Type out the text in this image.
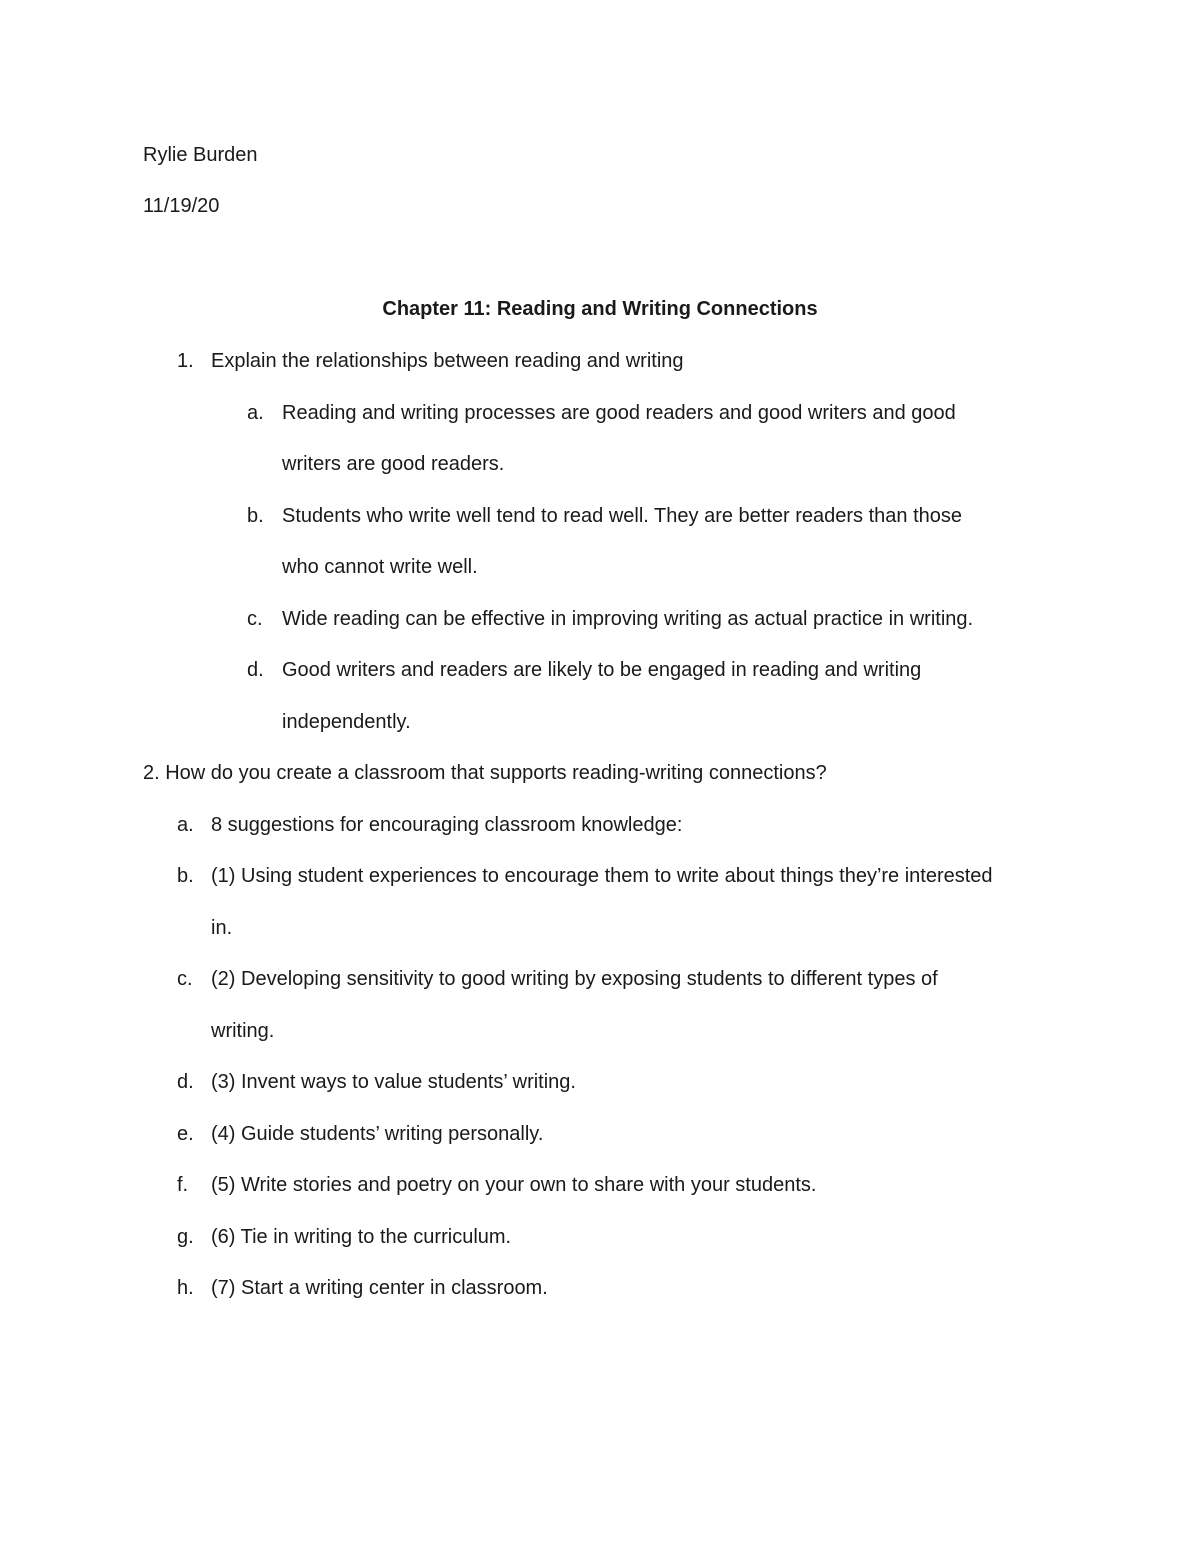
Rylie Burden
11/19/20
Chapter 11: Reading and Writing Connections
1. Explain the relationships between reading and writing
a. Reading and writing processes are good readers and good writers and good
writers are good readers.
b. Students who write well tend to read well. They are better readers than those
who cannot write well.
c. Wide reading can be effective in improving writing as actual practice in writing.
d. Good writers and readers are likely to be engaged in reading and writing
independently.
2. How do you create a classroom that supports reading-writing connections?
a. 8 suggestions for encouraging classroom knowledge:
b. (1) Using student experiences to encourage them to write about things they’re interested
in.
c. (2) Developing sensitivity to good writing by exposing students to different types of
writing.
d. (3) Invent ways to value students’ writing.
e. (4) Guide students’ writing personally.
f. (5) Write stories and poetry on your own to share with your students.
g. (6) Tie in writing to the curriculum.
h. (7) Start a writing center in classroom.
